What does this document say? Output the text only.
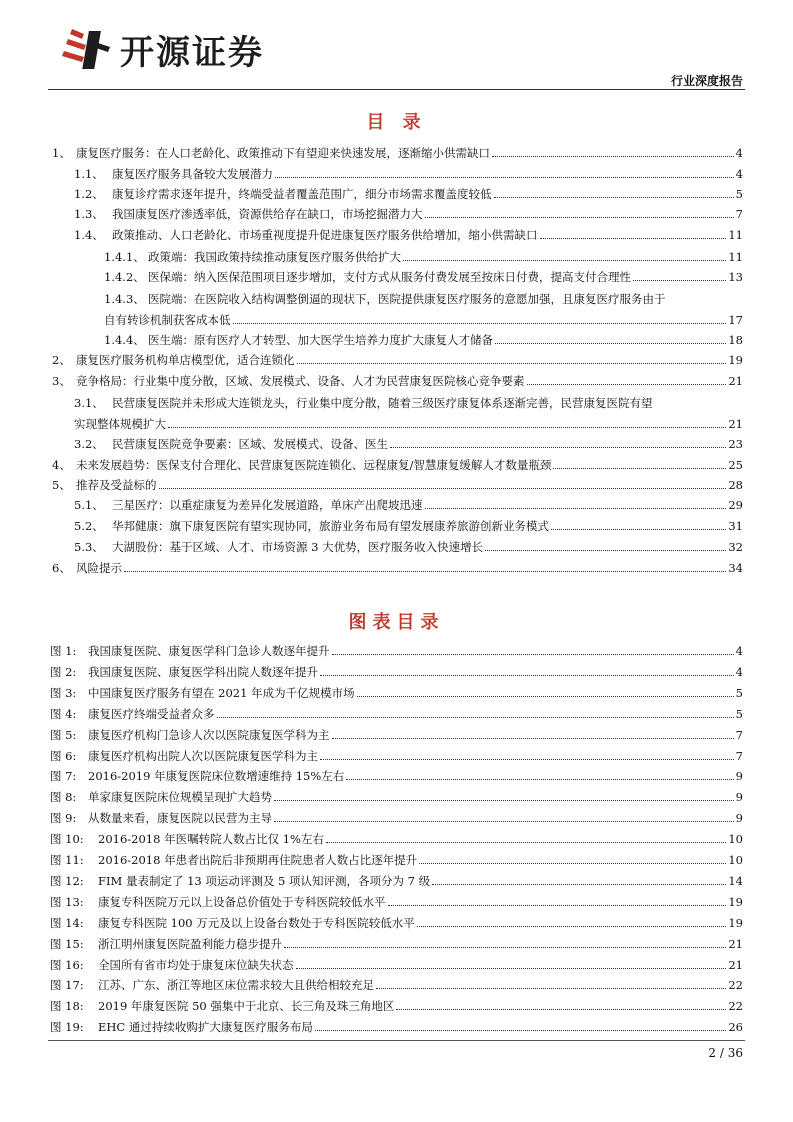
开源证券
行业深度报告
目 录
1、 康复医疗服务：在人口老龄化、政策推动下有望迎来快速发展，逐渐缩小供需缺口	4
1.1、 康复医疗服务具备较大发展潜力	4
1.2、 康复诊疗需求逐年提升，终端受益者覆盖范围广，细分市场需求覆盖度较低	5
1.3、 我国康复医疗渗透率低，资源供给存在缺口，市场挖掘潜力大	7
1.4、 政策推动、人口老龄化、市场重视度提升促进康复医疗服务供给增加，缩小供需缺口	11
1.4.1、 政策端：我国政策持续推动康复医疗服务供给扩大	11
1.4.2、 医保端：纳入医保范围项目逐步增加，支付方式从服务付费发展至按床日付费，提高支付合理性	13
1.4.3、 医院端：在医院收入结构调整倒逼的现状下，医院提供康复医疗服务的意愿加强，且康复医疗服务由于
自有转诊机制获客成本低	17
1.4.4、 医生端：原有医疗人才转型、加大医学生培养力度扩大康复人才储备	18
2、 康复医疗服务机构单店模型优，适合连锁化	19
3、 竞争格局：行业集中度分散，区域、发展模式、设备、人才为民营康复医院核心竞争要素	21
3.1、 民营康复医院并未形成大连锁龙头，行业集中度分散，随着三级医疗康复体系逐渐完善，民营康复医院有望
实现整体规模扩大	21
3.2、 民营康复医院竞争要素：区域、发展模式、设备、医生	23
4、 未来发展趋势：医保支付合理化、民营康复医院连锁化、远程康复/智慧康复缓解人才数量瓶颈	25
5、 推荐及受益标的	28
5.1、 三星医疗：以重症康复为差异化发展道路，单床产出爬坡迅速	29
5.2、 华邦健康：旗下康复医院有望实现协同，旅游业务布局有望发展康养旅游创新业务模式	31
5.3、 大湖股份：基于区域、人才、市场资源 3 大优势，医疗服务收入快速增长	32
6、 风险提示	34
图表目录
图 1:	我国康复医院、康复医学科门急诊人数逐年提升	4
图 2:	我国康复医院、康复医学科出院人数逐年提升	4
图 3:	中国康复医疗服务有望在 2021 年成为千亿规模市场	5
图 4:	康复医疗终端受益者众多	5
图 5:	康复医疗机构门急诊人次以医院康复医学科为主	7
图 6:	康复医疗机构出院人次以医院康复医学科为主	7
图 7:	2016-2019 年康复医院床位数增速维持 15%左右	9
图 8:	单家康复医院床位规模呈现扩大趋势	9
图 9:	从数量来看，康复医院以民营为主导	9
图 10:	2016-2018 年医嘱转院人数占比仅 1%左右	10
图 11:	2016-2018 年患者出院后非预期再住院患者人数占比逐年提升	10
图 12:	FIM 量表制定了 13 项运动评测及 5 项认知评测，各项分为 7 级	14
图 13:	康复专科医院万元以上设备总价值处于专科医院较低水平	19
图 14:	康复专科医院 100 万元及以上设备台数处于专科医院较低水平	19
图 15:	浙江明州康复医院盈利能力稳步提升	21
图 16:	全国所有省市均处于康复床位缺失状态	21
图 17:	江苏、广东、浙江等地区床位需求较大且供给相较充足	22
图 18:	2019 年康复医院 50 强集中于北京、长三角及珠三角地区	22
图 19:	EHC 通过持续收购扩大康复医疗服务布局	26
2 / 36
